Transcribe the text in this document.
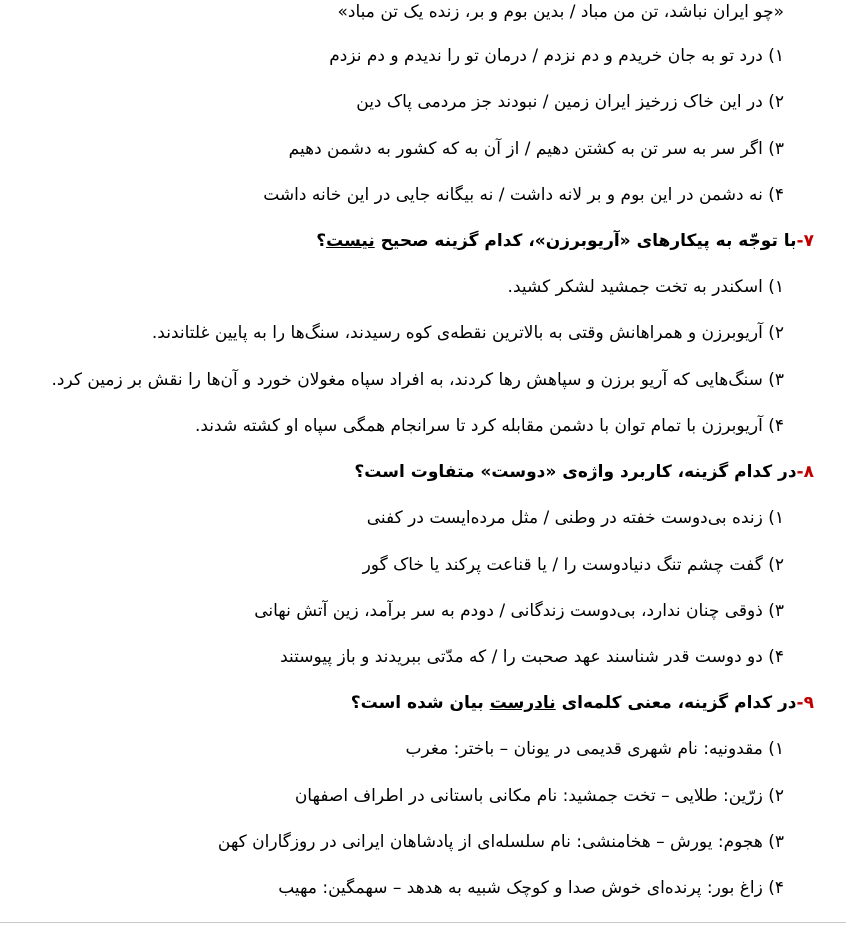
«چو ایران نباشد، تن من مباد / بدین بوم و بر، زنده یک تن مباد»
۱) درد تو به جان خریدم و دم نزدم / درمان تو را ندیدم و دم نزدم
۲) در این خاک زرخیز ایران زمین / نبودند جز مردمی پاک دین
۳) اگر سر به سر تن به کشتن دهیم / از آن به که کشور به دشمن دهیم
۴) نه دشمن در این بوم و بر لانه داشت / نه بیگانه جایی در این خانه داشت
۷-با توجّه به پیکارهای «آریوبرزن»، کدام گزینه صحیح نیست؟
۱) اسکندر به تخت جمشید لشکر کشید.
۲) آریوبرزن و همراهانش وقتی به بالاترین نقطه‌ی کوه رسیدند، سنگ‌ها را به پایین غلتاندند.
۳) سنگ‌هایی که آریو برزن و سپاهش رها کردند، به افراد سپاه مغولان خورد و آن‌ها را نقش بر زمین کرد.
۴) آریوبرزن با تمام توان با دشمن مقابله کرد تا سرانجام همگی سپاه او کشته شدند.
۸-در کدام گزینه، کاربرد واژه‌ی «دوست» متفاوت است؟
۱) زنده بی‌دوست خفته در وطنی / مثل مرده‌ایست در کفنی
۲) گفت چشم تنگ دنیادوست را / یا قناعت پرکند یا خاک گور
۳) ذوقی چنان ندارد، بی‌دوست زندگانی / دودم به سر برآمد، زین آتش نهانی
۴) دو دوست قدر شناسند عهد صحبت را / که مدّتی ببریدند و باز پیوستند
۹-در کدام گزینه، معنی کلمه‌ای نادرست بیان شده است؟
۱) مقدونیه: نام شهری قدیمی در یونان – باختر: مغرب
۲) زرّین: طلایی – تخت جمشید: نام مکانی باستانی در اطراف اصفهان
۳) هجوم: یورش – هخامنشی: نام سلسله‌ای از پادشاهان ایرانی در روزگاران کهن
۴) زاغ بور: پرنده‌ای خوش صدا و کوچک شبیه به هدهد – سهمگین: مهیب
